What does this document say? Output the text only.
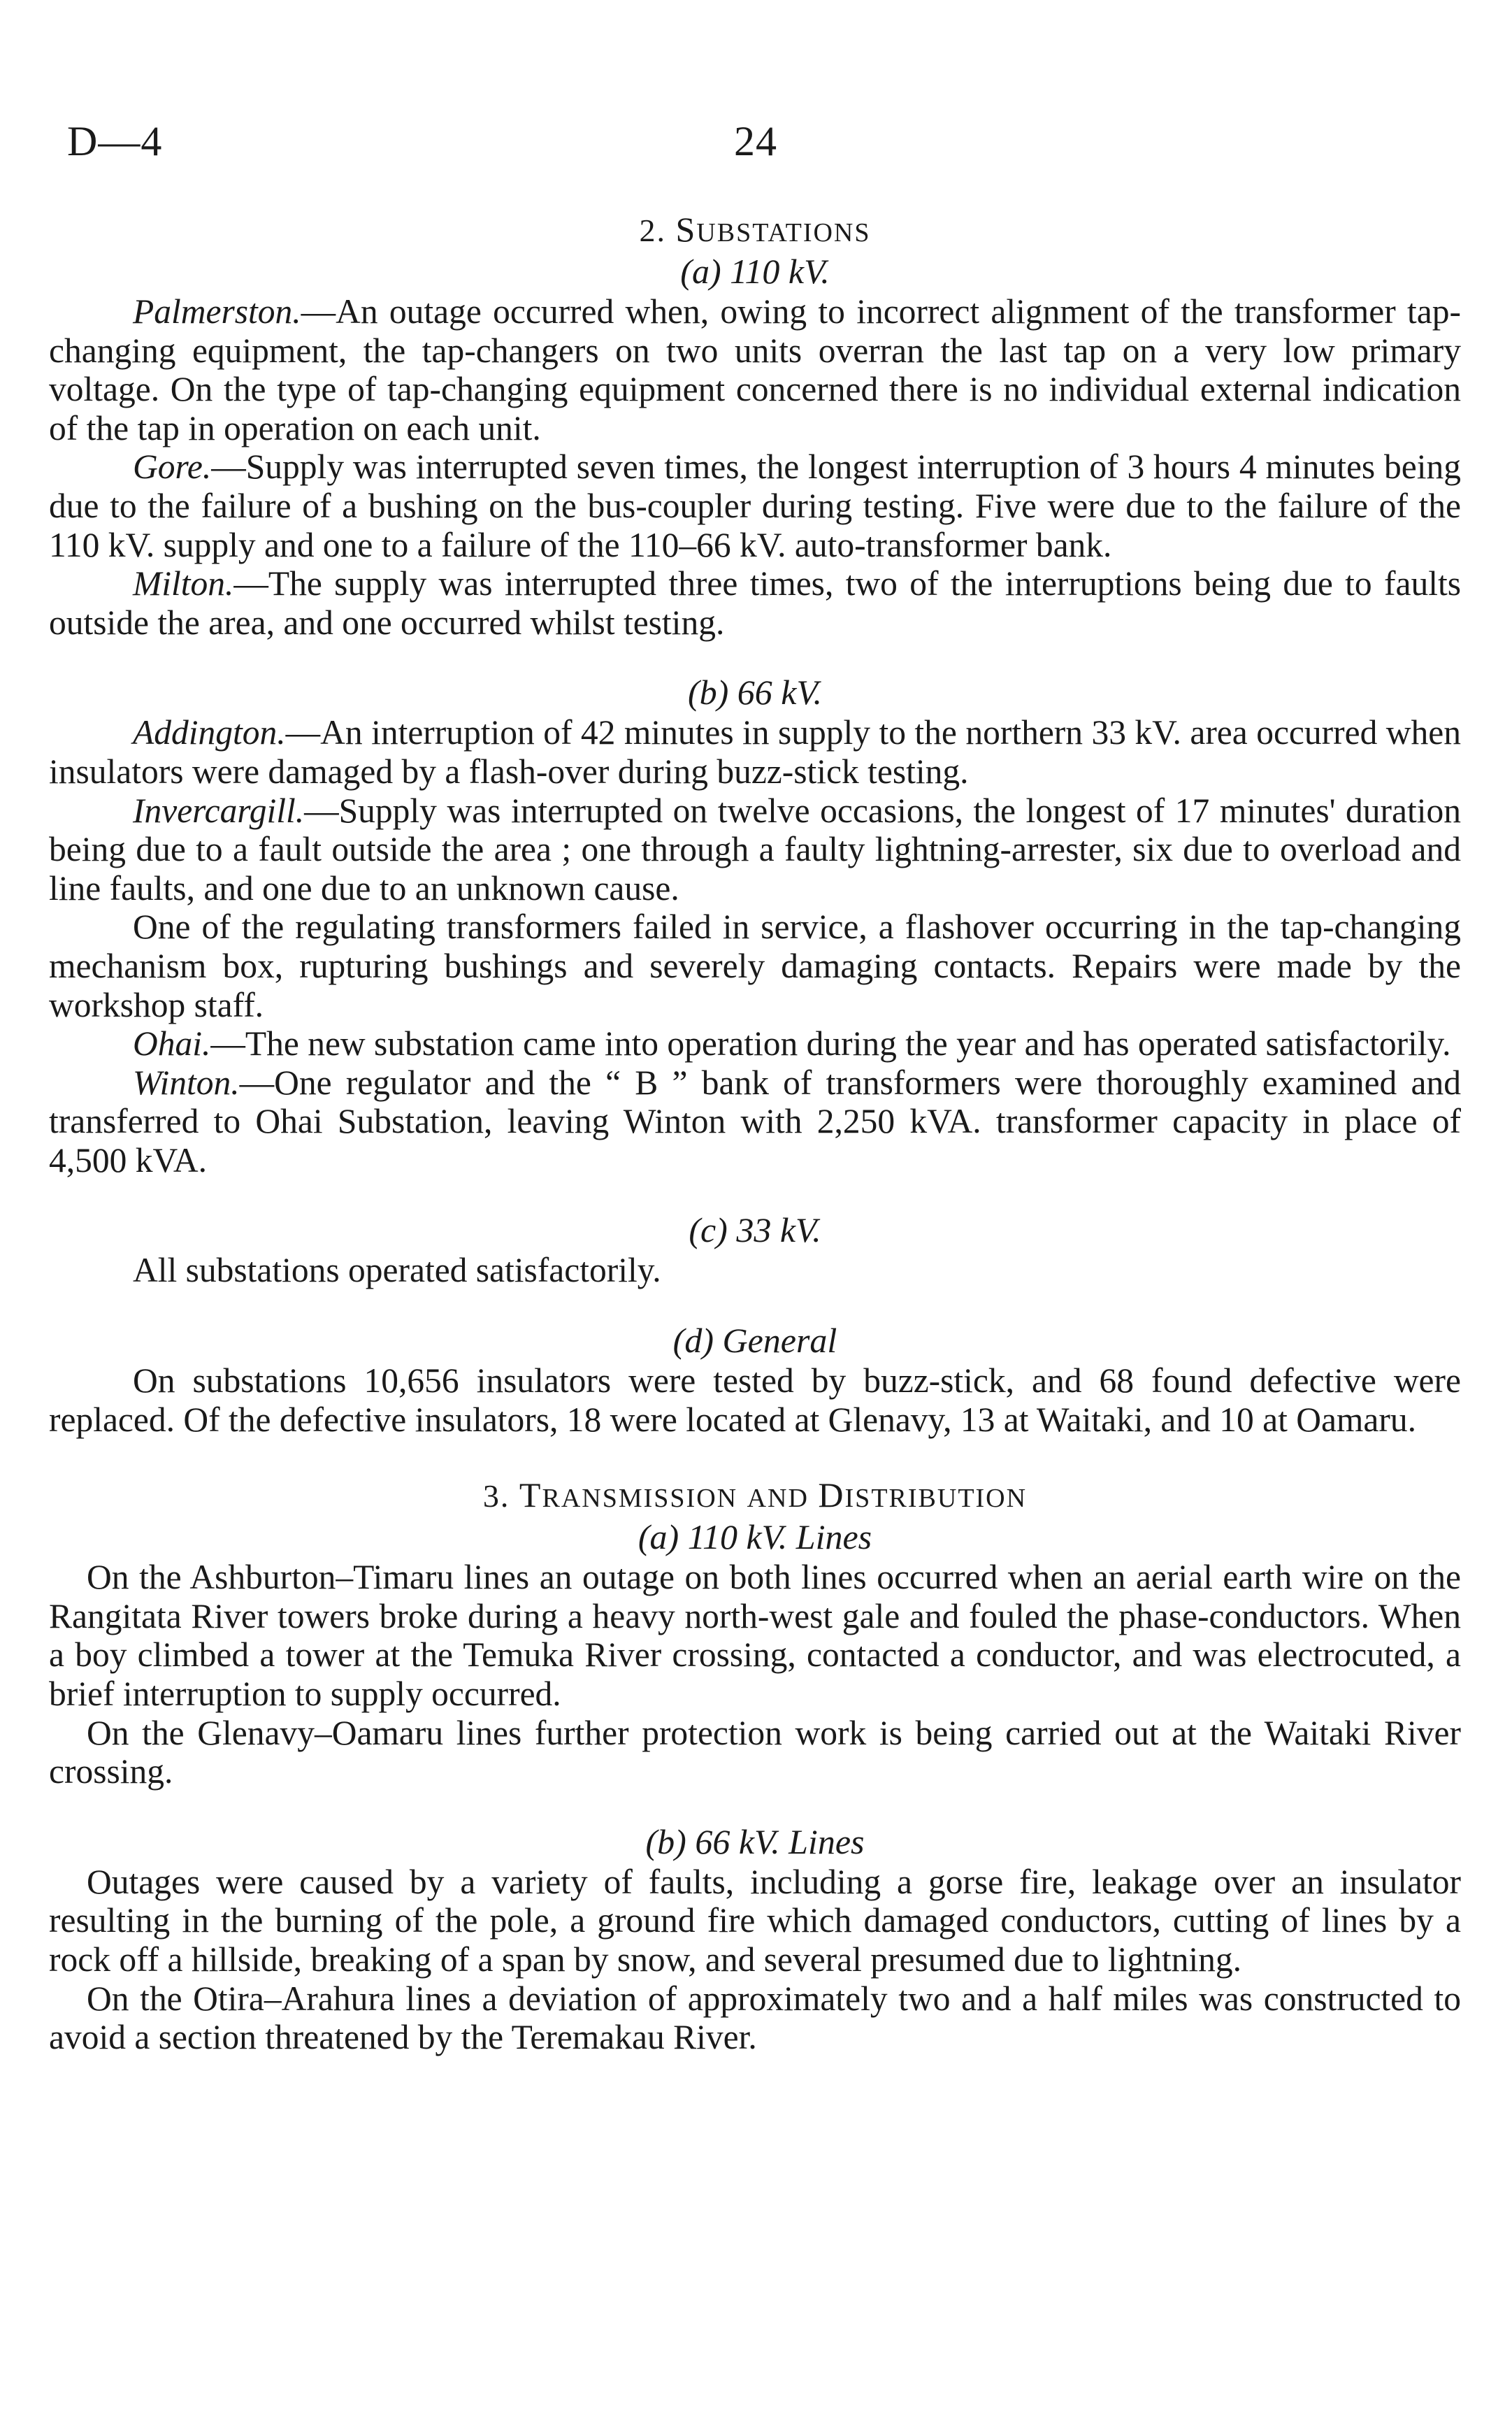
D—4	24
2. SUBSTATIONS
(a) 110 kV.

Palmerston.—An outage occurred when, owing to incorrect alignment of the transformer tap-changing equipment, the tap-changers on two units overran the last tap on a very low primary voltage. On the type of tap-changing equipment concerned there is no individual external indication of the tap in operation on each unit.

Gore.—Supply was interrupted seven times, the longest interruption of 3 hours 4 minutes being due to the failure of a bushing on the bus-coupler during testing. Five were due to the failure of the 110 kV. supply and one to a failure of the 110–66 kV. auto-transformer bank.

Milton.—The supply was interrupted three times, two of the interruptions being due to faults outside the area, and one occurred whilst testing.

(b) 66 kV.

Addington.—An interruption of 42 minutes in supply to the northern 33 kV. area occurred when insulators were damaged by a flash-over during buzz-stick testing.

Invercargill.—Supply was interrupted on twelve occasions, the longest of 17 minutes' duration being due to a fault outside the area ; one through a faulty lightning-arrester, six due to overload and line faults, and one due to an unknown cause.

One of the regulating transformers failed in service, a flashover occurring in the tap-changing mechanism box, rupturing bushings and severely damaging contacts. Repairs were made by the workshop staff.

Ohai.—The new substation came into operation during the year and has operated satisfactorily.

Winton.—One regulator and the “ B ” bank of transformers were thoroughly examined and transferred to Ohai Substation, leaving Winton with 2,250 kVA. transformer capacity in place of 4,500 kVA.

(c) 33 kV.

All substations operated satisfactorily.

(d) General

On substations 10,656 insulators were tested by buzz-stick, and 68 found defective were replaced. Of the defective insulators, 18 were located at Glenavy, 13 at Waitaki, and 10 at Oamaru.

3. TRANSMISSION AND DISTRIBUTION
(a) 110 kV. Lines

On the Ashburton–Timaru lines an outage on both lines occurred when an aerial earth wire on the Rangitata River towers broke during a heavy north-west gale and fouled the phase-conductors. When a boy climbed a tower at the Temuka River crossing, contacted a conductor, and was electrocuted, a brief interruption to supply occurred.

On the Glenavy–Oamaru lines further protection work is being carried out at the Waitaki River crossing.

(b) 66 kV. Lines

Outages were caused by a variety of faults, including a gorse fire, leakage over an insulator resulting in the burning of the pole, a ground fire which damaged conductors, cutting of lines by a rock off a hillside, breaking of a span by snow, and several presumed due to lightning.

On the Otira–Arahura lines a deviation of approximately two and a half miles was constructed to avoid a section threatened by the Teremakau River.
